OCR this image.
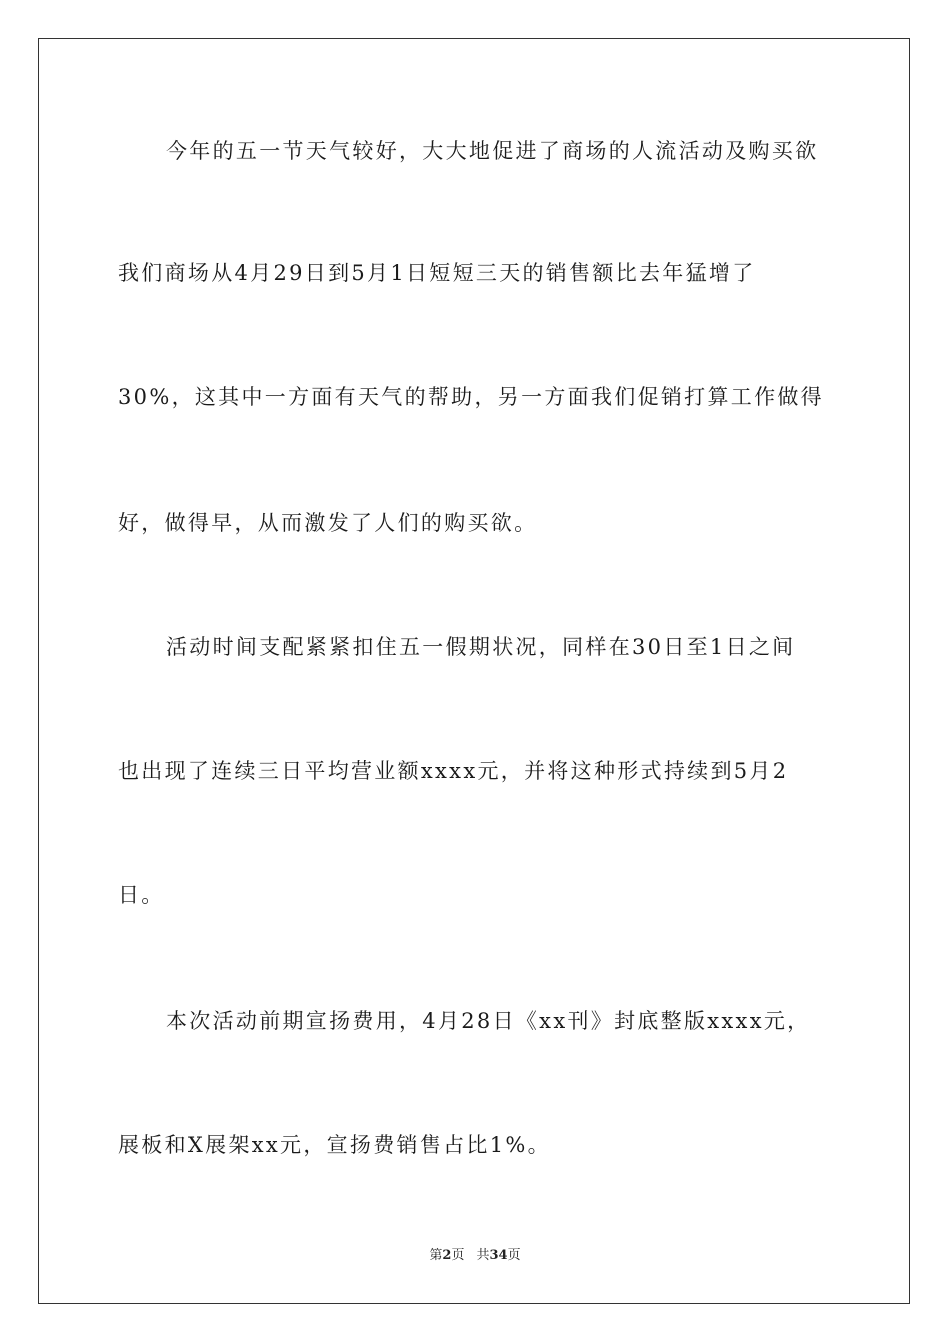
今年的五一节天气较好，大大地促进了商场的人流活动及购买欲
我们商场从4月29日到5月1日短短三天的销售额比去年猛增了
30%，这其中一方面有天气的帮助，另一方面我们促销打算工作做得
好，做得早，从而激发了人们的购买欲。
活动时间支配紧紧扣住五一假期状况，同样在30日至1日之间
也出现了连续三日平均营业额xxxx元，并将这种形式持续到5月2
日。
本次活动前期宣扬费用，4月28日《xx刊》封底整版xxxx元，
展板和X展架xx元，宣扬费销售占比1%。
第2页 共34页
